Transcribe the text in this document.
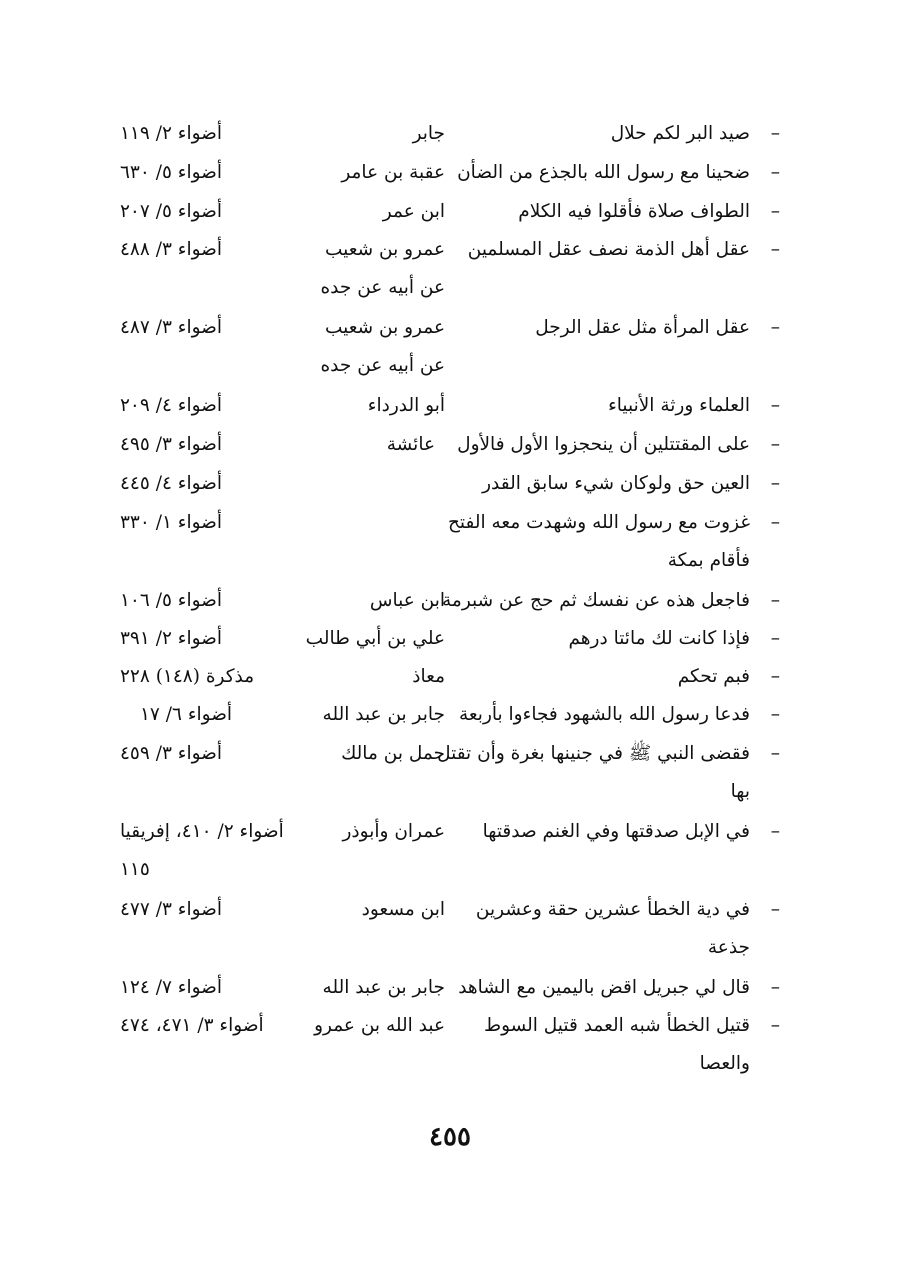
–
صيد البر لكم حلال
جابر
أضواء ٢/ ١١٩
–
ضحينا مع رسول الله بالجذع من الضأن
عقبة بن عامر
أضواء ٥/ ٦٣٠
–
الطواف صلاة فأقلوا فيه الكلام
ابن عمر
أضواء ٥/ ٢٠٧
–
عقل أهل الذمة نصف عقل المسلمين
عمرو بن شعيب
أضواء ٣/ ٤٨٨
عن أبيه عن جده
–
عقل المرأة مثل عقل الرجل
عمرو بن شعيب
أضواء ٣/ ٤٨٧
عن أبيه عن جده
–
العلماء ورثة الأنبياء
أبو الدرداء
أضواء ٤/ ٢٠٩
–
على المقتتلين أن ينحجزوا الأول فالأول
عائشة
أضواء ٣/ ٤٩٥
–
العين حق ولوكان شيء سابق القدر
أضواء ٤/ ٤٤٥
–
غزوت مع رسول الله وشهدت معه الفتح
أضواء ١/ ٣٣٠
فأقام بمكة
–
فاجعل هذه عن نفسك ثم حج عن شبرمة
ابن عباس
أضواء ٥/ ١٠٦
–
فإذا كانت لك مائتا درهم
علي بن أبي طالب
أضواء ٢/ ٣٩١
–
فبم تحكم
معاذ
مذكرة (١٤٨) ٢٢٨
–
فدعا رسول الله بالشهود فجاءوا بأربعة
جابر بن عبد الله
أضواء ٦/ ١٧
–
فقضى النبي ﷺ في جنينها بغرة وأن تقتل
حمل بن مالك
أضواء ٣/ ٤٥٩
بها
–
في الإبل صدقتها وفي الغنم صدقتها
عمران وأبوذر
أضواء ٢/ ٤١٠، إفريقيا
١١٥
–
في دية الخطأ عشرين حقة وعشرين
ابن مسعود
أضواء ٣/ ٤٧٧
جذعة
–
قال لي جبريل اقض باليمين مع الشاهد
جابر بن عبد الله
أضواء ٧/ ١٢٤
–
قتيل الخطأ شبه العمد قتيل السوط
عبد الله بن عمرو
أضواء ٣/ ٤٧١، ٤٧٤
والعصا
٤٥٥
